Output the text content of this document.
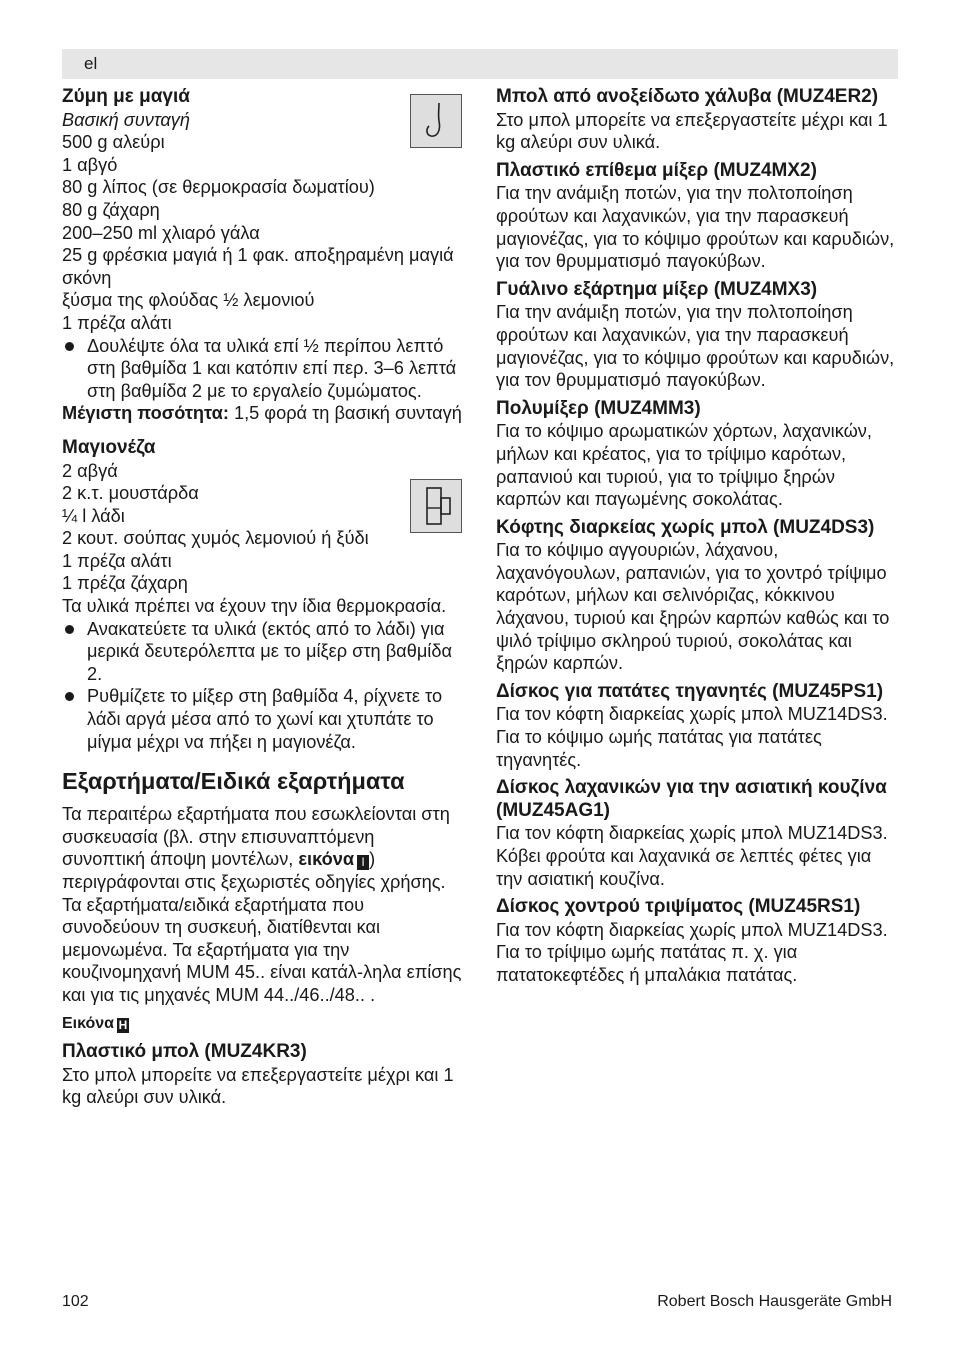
el
Ζύμη με μαγιά
Βασική συνταγή
500 g αλεύρι
1 αβγό
80 g λίπος (σε θερμοκρασία δωματίου)
80 g ζάχαρη
200–250 ml χλιαρό γάλα
25 g φρέσκια μαγιά ή 1 φακ. αποξηραμένη μαγιά σκόνη
ξύσμα της φλούδας ½ λεμονιού
1 πρέζα αλάτι
Δουλέψτε όλα τα υλικά επί ½ περίπου λεπτό στη βαθμίδα 1 και κατόπιν επί περ. 3–6 λεπτά στη βαθμίδα 2 με το εργαλείο ζυμώματος.
Μέγιστη ποσότητα: 1,5 φορά τη βασική συνταγή
Μαγιονέζα
2 αβγά
2 κ.τ. μουστάρδα
¼ l λάδι
2 κουτ. σούπας χυμός λεμονιού ή ξύδι
1 πρέζα αλάτι
1 πρέζα ζάχαρη
Τα υλικά πρέπει να έχουν την ίδια θερμοκρασία.
Ανακατεύετε τα υλικά (εκτός από το λάδι) για μερικά δευτερόλεπτα με το μίξερ στη βαθμίδα 2.
Ρυθμίζετε το μίξερ στη βαθμίδα 4, ρίχνετε το λάδι αργά μέσα από το χωνί και χτυπάτε το μίγμα μέχρι να πήξει η μαγιονέζα.
Εξαρτήματα/Ειδικά εξαρτήματα
Τα περαιτέρω εξαρτήματα που εσωκλείονται στη συσκευασία (βλ. στην επισυναπτόμενη συνοπτική άποψη μοντέλων, εικόνα I ) περιγράφονται στις ξεχωριστές οδηγίες χρήσης.
Τα εξαρτήματα/ειδικά εξαρτήματα που συνοδεύουν τη συσκευή, διατίθενται και μεμονωμένα. Τα εξαρτήματα για την κουζινομηχανή MUM 45.. είναι κατάλ-ληλα επίσης και για τις μηχανές MUM 44../46../48.. .
Εικόνα H
Πλαστικό μπολ (MUZ4KR3)
Στο μπολ μπορείτε να επεξεργαστείτε μέχρι και 1 kg αλεύρι συν υλικά.
Μπολ από ανοξείδωτο χάλυβα (MUZ4ER2)
Στο μπολ μπορείτε να επεξεργαστείτε μέχρι και 1 kg αλεύρι συν υλικά.
Πλαστικό επίθεμα μίξερ (MUZ4MX2)
Για την ανάμιξη ποτών, για την πολτοποίηση φρούτων και λαχανικών, για την παρασκευή μαγιονέζας, για το κόψιμο φρούτων και καρυδιών, για τον θρυμματισμό παγοκύβων.
Γυάλινο εξάρτημα μίξερ (MUZ4MX3)
Για την ανάμιξη ποτών, για την πολτοποίηση φρούτων και λαχανικών, για την παρασκευή μαγιονέζας, για το κόψιμο φρούτων και καρυδιών, για τον θρυμματισμό παγοκύβων.
Πολυμίξερ (MUZ4MM3)
Για το κόψιμο αρωματικών χόρτων, λαχανικών, μήλων και κρέατος, για το τρίψιμο καρότων, ραπανιού και τυριού, για το τρίψιμο ξηρών καρπών και παγωμένης σοκολάτας.
Κόφτης διαρκείας χωρίς μπολ (MUZ4DS3)
Για το κόψιμο αγγουριών, λάχανου, λαχανόγουλων, ραπανιών, για το χοντρό τρίψιμο καρότων, μήλων και σελινόριζας, κόκκινου λάχανου, τυριού και ξηρών καρπών καθώς και το ψιλό τρίψιμο σκληρού τυριού, σοκολάτας και ξηρών καρπών.
Δίσκος για πατάτες τηγανητές (MUZ45PS1)
Για τον κόφτη διαρκείας χωρίς μπολ MUZ14DS3.
Για το κόψιμο ωμής πατάτας για πατάτες τηγανητές.
Δίσκος λαχανικών για την ασιατική κουζίνα (MUZ45AG1)
Για τον κόφτη διαρκείας χωρίς μπολ MUZ14DS3.
Κόβει φρούτα και λαχανικά σε λεπτές φέτες για την ασιατική κουζίνα.
Δίσκος χοντρού τριψίματος (MUZ45RS1)
Για τον κόφτη διαρκείας χωρίς μπολ MUZ14DS3.
Για το τρίψιμο ωμής πατάτας π. χ. για πατατοκεφτέδες ή μπαλάκια πατάτας.
102	Robert Bosch Hausgeräte GmbH
